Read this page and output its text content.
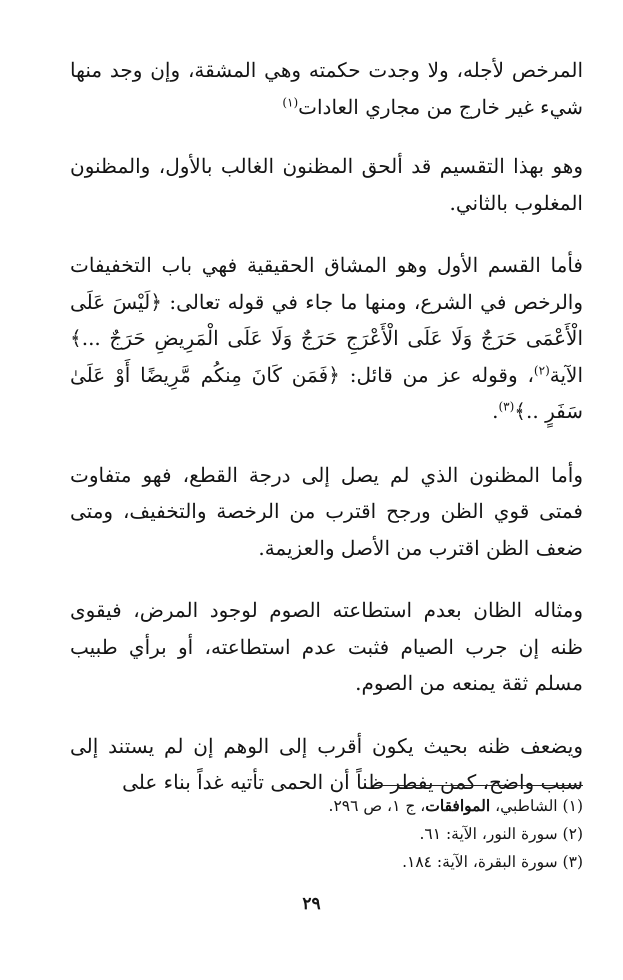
المرخص لأجله، ولا وجدت حكمته وهي المشقة، وإن وجد منها شيء غير خارج من مجاري العادات$^{(١)}$

وهو بهذا التقسيم قد ألحق المظنون الغالب بالأول، والمظنون المغلوب بالثاني.

فأما القسم الأول وهو المشاق الحقيقية فهي باب التخفيفات والرخص في الشرع، ومنها ما جاء في قوله تعالى: ﴿لَيْسَ عَلَى الْأَعْمَى حَرَجٌ وَلَا عَلَى الْأَعْرَجِ حَرَجٌ وَلَا عَلَى الْمَرِيضِ حَرَجٌ ...﴾ الآية$^{(٢)}$، وقوله عز من قائل: ﴿فَمَن كَانَ مِنكُم مَّرِيضًا أَوْ عَلَىٰ سَفَرٍ ..﴾$^{(٣)}$.

وأما المظنون الذي لم يصل إلى درجة القطع، فهو متفاوت فمتى قوي الظن ورجح اقترب من الرخصة والتخفيف، ومتى ضعف الظن اقترب من الأصل والعزيمة.

ومثاله الظان بعدم استطاعته الصوم لوجود المرض، فيقوى ظنه إن جرب الصيام فثبت عدم استطاعته، أو برأي طبيب مسلم ثقة يمنعه من الصوم.

ويضعف ظنه بحيث يكون أقرب إلى الوهم إن لم يستند إلى سبب واضح، كمن يفطر ظناً أن الحمى تأتيه غداً بناء على

(١) الشاطبي، الموافقات، ج ١، ص ٢٩٦.

(٢) سورة النور، الآية: ٦١.

(٣) سورة البقرة، الآية: ١٨٤.

٢٩
